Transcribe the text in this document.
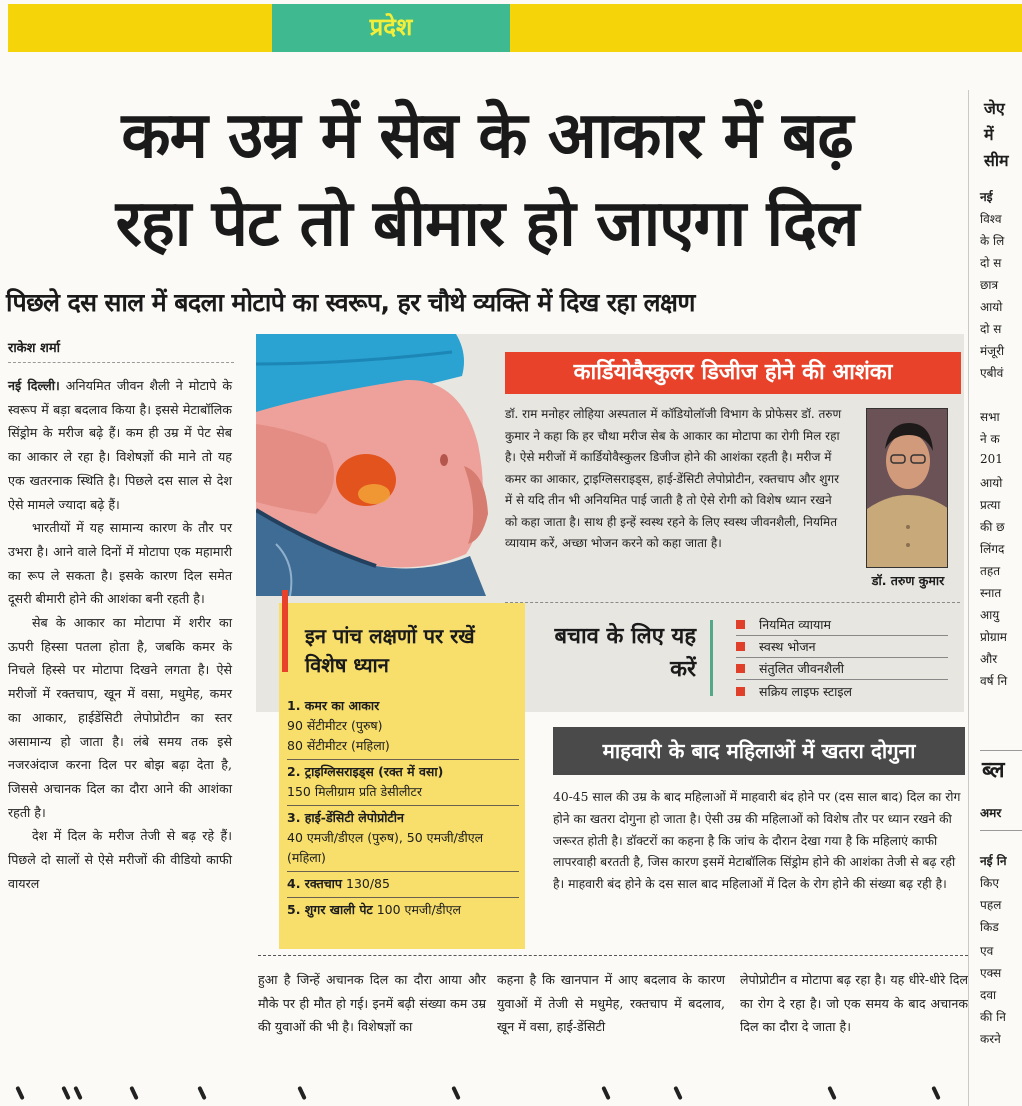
प्रदेश
कम उम्र में सेब के आकार में बढ़
रहा पेट तो बीमार हो जाएगा दिल
पिछले दस साल में बदला मोटापे का स्वरूप, हर चौथे व्यक्ति में दिख रहा लक्षण
राकेश शर्मा

नई दिल्ली। अनियमित जीवन शैली ने मोटापे के स्वरूप में बड़ा बदलाव किया है। इससे मेटाबॉलिक सिंड्रोम के मरीज बढ़े हैं। कम ही उम्र में पेट सेब का आकार ले रहा है। विशेषज्ञों की माने तो यह एक खतरनाक स्थिति है। पिछले दस साल से देश ऐसे मामले ज्यादा बढ़े हैं।

भारतीयों में यह सामान्य कारण के तौर पर उभरा है। आने वाले दिनों में मोटापा एक महामारी का रूप ले सकता है। इसके कारण दिल समेत दूसरी बीमारी होने की आशंका बनी रहती है।

सेब के आकार का मोटापा में शरीर का ऊपरी हिस्सा पतला होता है, जबकि कमर के निचले हिस्से पर मोटापा दिखने लगता है। ऐसे मरीजों में रक्तचाप, खून में वसा, मधुमेह, कमर का आकार, हाईडेंसिटी लेपोप्रोटीन का स्तर असामान्य हो जाता है। लंबे समय तक इसे नजरअंदाज करना दिल पर बोझ बढ़ा देता है, जिससे अचानक दिल का दौरा आने की आशंका रहती है।

देश में दिल के मरीज तेजी से बढ़ रहे हैं। पिछले दो सालों से ऐसे मरीजों की वीडियो काफी वायरल

कार्डियोवैस्कुलर डिजीज होने की आशंका
डॉ. राम मनोहर लोहिया अस्पताल में कॉडियोलॉजी विभाग के प्रोफेसर डॉ. तरुण कुमार ने कहा कि हर चौथा मरीज सेब के आकार का मोटापा का रोगी मिल रहा है। ऐसे मरीजों में कार्डियोवैस्कुलर डिजीज होने की आशंका रहती है। मरीज में कमर का आकार, ट्राइग्लिसराइड्स, हाई-डेंसिटी लेपोप्रोटीन, रक्तचाप और शुगर में से यदि तीन भी अनियमित पाई जाती है तो ऐसे रोगी को विशेष ध्यान रखने को कहा जाता है। साथ ही इन्हें स्वस्थ रहने के लिए स्वस्थ जीवनशैली, नियमित व्यायाम करें, अच्छा भोजन करने को कहा जाता है।
डॉ. तरुण कुमार
इन पांच लक्षणों पर रखें विशेष ध्यान
1. कमर का आकार
90 सेंटीमीटर (पुरुष)
80 सेंटीमीटर (महिला)
2. ट्राइग्लिसराइड्स (रक्त में वसा)
150 मिलीग्राम प्रति डेसीलीटर
3. हाई-डेंसिटी लेपोप्रोटीन
40 एमजी/डीएल (पुरुष), 50 एमजी/डीएल (महिला)
4. रक्तचाप 130/85
5. शुगर खाली पेट 100 एमजी/डीएल
बचाव के लिए यह करें
नियमित व्यायाम
स्वस्थ भोजन
संतुलित जीवनशैली
सक्रिय लाइफ स्टाइल
माहवारी के बाद महिलाओं में खतरा दोगुना
40-45 साल की उम्र के बाद महिलाओं में माहवारी बंद होने पर (दस साल बाद) दिल का रोग होने का खतरा दोगुना हो जाता है। ऐसी उम्र की महिलाओं को विशेष तौर पर ध्यान रखने की जरूरत होती है। डॉक्टरों का कहना है कि जांच के दौरान देखा गया है कि महिलाएं काफी लापरवाही बरतती है, जिस कारण इसमें मेटाबॉलिक सिंड्रोम होने की आशंका तेजी से बढ़ रही है। माहवारी बंद होने के दस साल बाद महिलाओं में दिल के रोग होने की संख्या बढ़ रही है।
हुआ है जिन्हें अचानक दिल का दौरा आया और मौके पर ही मौत हो गई। इनमें बढ़ी संख्या कम उम्र की युवाओं की भी है। विशेषज्ञों का
कहना है कि खानपान में आए बदलाव के कारण युवाओं में तेजी से मधुमेह, रक्तचाप में बदलाव, खून में वसा, हाई-डेंसिटी
लेपोप्रोटीन व मोटापा बढ़ रहा है। यह धीरे-धीरे दिल का रोग दे रहा है। जो एक समय के बाद अचानक दिल का दौरा दे जाता है।
जेए
में
सीम
नई
विश्व
के लि
दो स
छात्र
आयो
दो स
मंजूरी
एबीवं
सभा
ने क
201
आयो
प्रत्या
की छ
लिंगद
तहत
स्नात
आयु
प्रोग्राम
और
वर्ष नि
ब्ल
अमर
नई नि
किए
पहल
किड
एव
एक्स
दवा
की नि
करने
